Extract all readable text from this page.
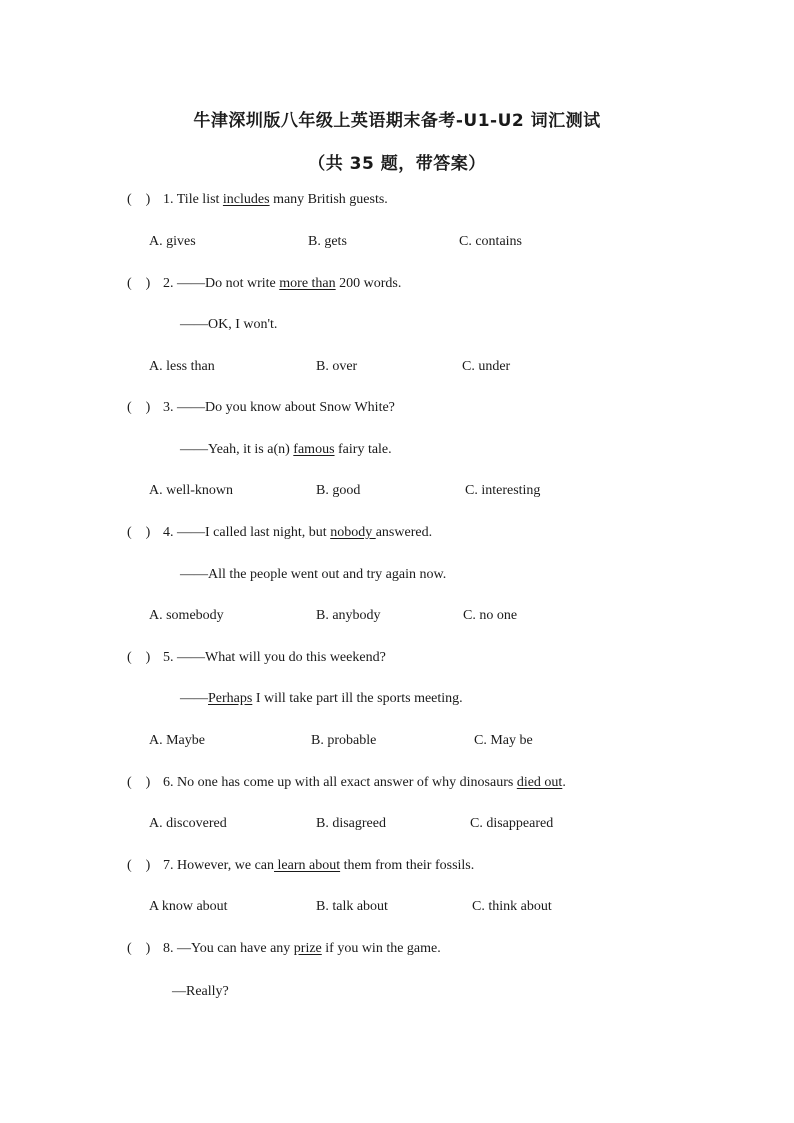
牛津深圳版八年级上英语期末备考-U1-U2 词汇测试
（共 35 题，带答案）
(　) 1. Tile list includes many British guests.
A. gives	B. gets	C. contains
(　) 2. ——Do not write more than 200 words.
——OK, I won't.
A. less than	B. over	C. under
(　) 3. ——Do you know about Snow White?
——Yeah, it is a(n) famous fairy tale.
A. well-known	B. good	C. interesting
(　) 4. ——I called last night, but nobody answered.
——All the people went out and try again now.
A. somebody	B. anybody	C. no one
(　) 5. ——What will you do this weekend?
——Perhaps I will take part ill the sports meeting.
A. Maybe	B. probable	C. May be
(　) 6. No one has come up with all exact answer of why dinosaurs died out.
A. discovered	B. disagreed	C. disappeared
(　) 7. However, we can learn about them from their fossils.
A know about	B. talk about	C. think about
(　) 8. —You can have any prize if you win the game.
—Really?
